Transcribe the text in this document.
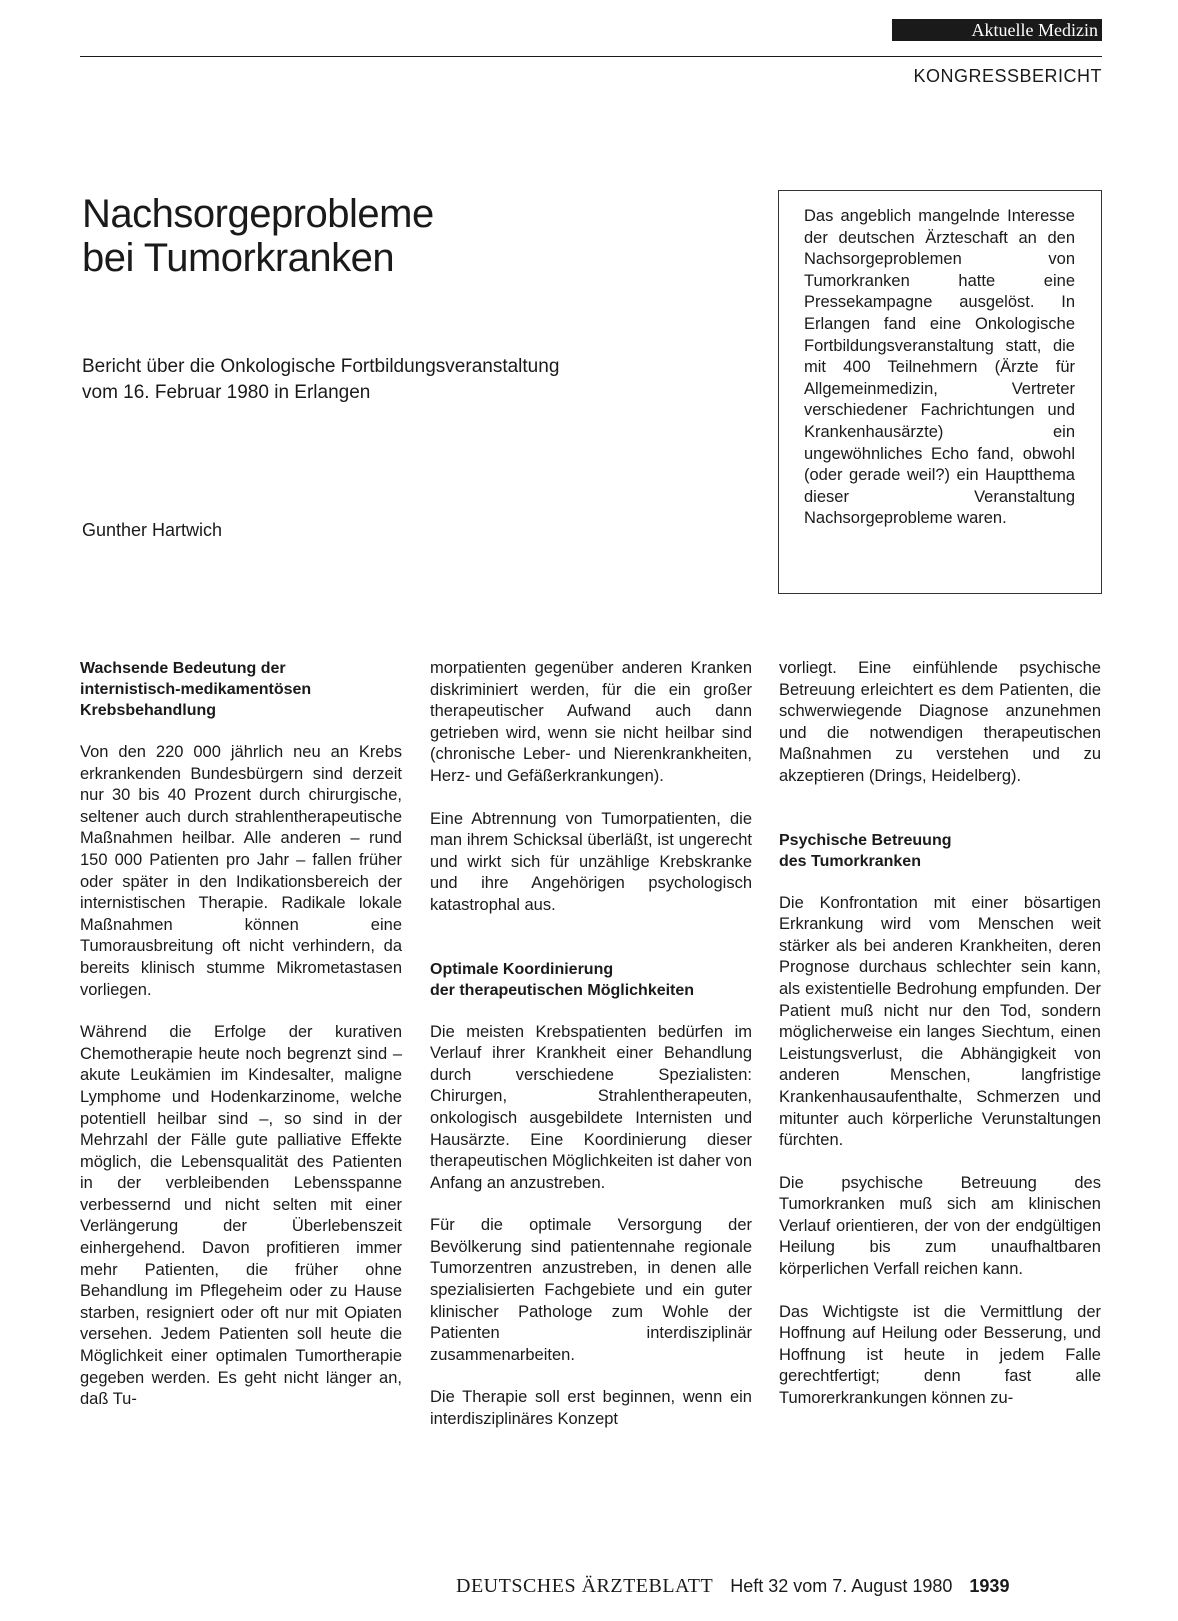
Aktuelle Medizin
KONGRESSBERICHT
Nachsorgeprobleme
bei Tumorkranken
Bericht über die Onkologische Fortbildungsveranstaltung
vom 16. Februar 1980 in Erlangen
Gunther Hartwich
Das angeblich mangelnde Interesse der deutschen Ärzteschaft an den Nachsorgeproblemen von Tumorkranken hatte eine Pressekampagne ausgelöst. In Erlangen fand eine Onkologische Fortbildungsveranstaltung statt, die mit 400 Teilnehmern (Ärzte für Allgemeinmedizin, Vertreter verschiedener Fachrichtungen und Krankenhausärzte) ein ungewöhnliches Echo fand, obwohl (oder gerade weil?) ein Hauptthema dieser Veranstaltung Nachsorgeprobleme waren.
Wachsende Bedeutung der
internistisch-medikamentösen
Krebsbehandlung

Von den 220 000 jährlich neu an Krebs erkrankenden Bundesbürgern sind derzeit nur 30 bis 40 Prozent durch chirurgische, seltener auch durch strahlentherapeutische Maßnahmen heilbar. Alle anderen – rund 150 000 Patienten pro Jahr – fallen früher oder später in den Indikationsbereich der internistischen Therapie. Radikale lokale Maßnahmen können eine Tumorausbreitung oft nicht verhindern, da bereits klinisch stumme Mikrometastasen vorliegen.

Während die Erfolge der kurativen Chemotherapie heute noch begrenzt sind – akute Leukämien im Kindesalter, maligne Lymphome und Hodenkarzinome, welche potentiell heilbar sind –, so sind in der Mehrzahl der Fälle gute palliative Effekte möglich, die Lebensqualität des Patienten in der verbleibenden Lebensspanne verbessernd und nicht selten mit einer Verlängerung der Überlebenszeit einhergehend. Davon profitieren immer mehr Patienten, die früher ohne Behandlung im Pflegeheim oder zu Hause starben, resigniert oder oft nur mit Opiaten versehen. Jedem Patienten soll heute die Möglichkeit einer optimalen Tumortherapie gegeben werden. Es geht nicht länger an, daß Tu-

morpatienten gegenüber anderen Kranken diskriminiert werden, für die ein großer therapeutischer Aufwand auch dann getrieben wird, wenn sie nicht heilbar sind (chronische Leber- und Nierenkrankheiten, Herz- und Gefäßerkrankungen).

Eine Abtrennung von Tumorpatienten, die man ihrem Schicksal überläßt, ist ungerecht und wirkt sich für unzählige Krebskranke und ihre Angehörigen psychologisch katastrophal aus.

Optimale Koordinierung
der therapeutischen Möglichkeiten

Die meisten Krebspatienten bedürfen im Verlauf ihrer Krankheit einer Behandlung durch verschiedene Spezialisten: Chirurgen, Strahlentherapeuten, onkologisch ausgebildete Internisten und Hausärzte. Eine Koordinierung dieser therapeutischen Möglichkeiten ist daher von Anfang an anzustreben.

Für die optimale Versorgung der Bevölkerung sind patientennahe regionale Tumorzentren anzustreben, in denen alle spezialisierten Fachgebiete und ein guter klinischer Pathologe zum Wohle der Patienten interdisziplinär zusammenarbeiten.

Die Therapie soll erst beginnen, wenn ein interdisziplinäres Konzept

vorliegt. Eine einfühlende psychische Betreuung erleichtert es dem Patienten, die schwerwiegende Diagnose anzunehmen und die notwendigen therapeutischen Maßnahmen zu verstehen und zu akzeptieren (Drings, Heidelberg).

Psychische Betreuung
des Tumorkranken

Die Konfrontation mit einer bösartigen Erkrankung wird vom Menschen weit stärker als bei anderen Krankheiten, deren Prognose durchaus schlechter sein kann, als existentielle Bedrohung empfunden. Der Patient muß nicht nur den Tod, sondern möglicherweise ein langes Siechtum, einen Leistungsverlust, die Abhängigkeit von anderen Menschen, langfristige Krankenhausaufenthalte, Schmerzen und mitunter auch körperliche Verunstaltungen fürchten.

Die psychische Betreuung des Tumorkranken muß sich am klinischen Verlauf orientieren, der von der endgültigen Heilung bis zum unaufhaltbaren körperlichen Verfall reichen kann.

Das Wichtigste ist die Vermittlung der Hoffnung auf Heilung oder Besserung, und Hoffnung ist heute in jedem Falle gerechtfertigt; denn fast alle Tumorerkrankungen können zu-

DEUTSCHES ÄRZTEBLATT Heft 32 vom 7. August 1980 1939
